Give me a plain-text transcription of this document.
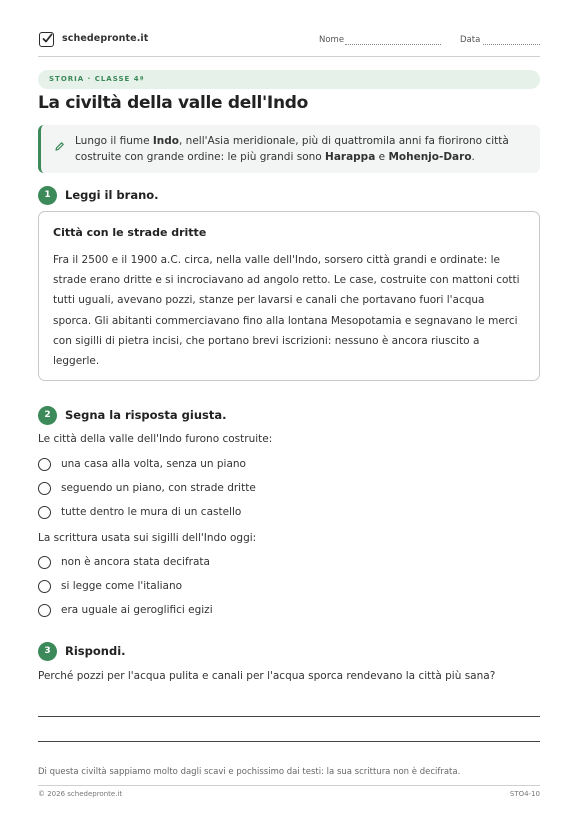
schedepronte.it	Nome	Data
STORIA · CLASSE 4ª
La civiltà della valle dell'Indo

Lungo il fiume Indo, nell'Asia meridionale, più di quattromila anni fa fiorirono città costruite con grande ordine: le più grandi sono Harappa e Mohenjo-Daro.

1	Leggi il brano.
Città con le strade dritte

Fra il 2500 e il 1900 a.C. circa, nella valle dell'Indo, sorsero città grandi e ordinate: le strade erano dritte e si incrociavano ad angolo retto. Le case, costruite con mattoni cotti tutti uguali, avevano pozzi, stanze per lavarsi e canali che portavano fuori l'acqua sporca. Gli abitanti commerciavano fino alla lontana Mesopotamia e segnavano le merci con sigilli di pietra incisi, che portano brevi iscrizioni: nessuno è ancora riuscito a leggerle.

2	Segna la risposta giusta.
Le città della valle dell'Indo furono costruite:
una casa alla volta, senza un piano
seguendo un piano, con strade dritte
tutte dentro le mura di un castello
La scrittura usata sui sigilli dell'Indo oggi:
non è ancora stata decifrata
si legge come l'italiano
era uguale ai geroglifici egizi
3	Rispondi.
Perché pozzi per l'acqua pulita e canali per l'acqua sporca rendevano la città più sana?
Di questa civiltà sappiamo molto dagli scavi e pochissimo dai testi: la sua scrittura non è decifrata.
© 2026 schedepronte.it	STO4-10
